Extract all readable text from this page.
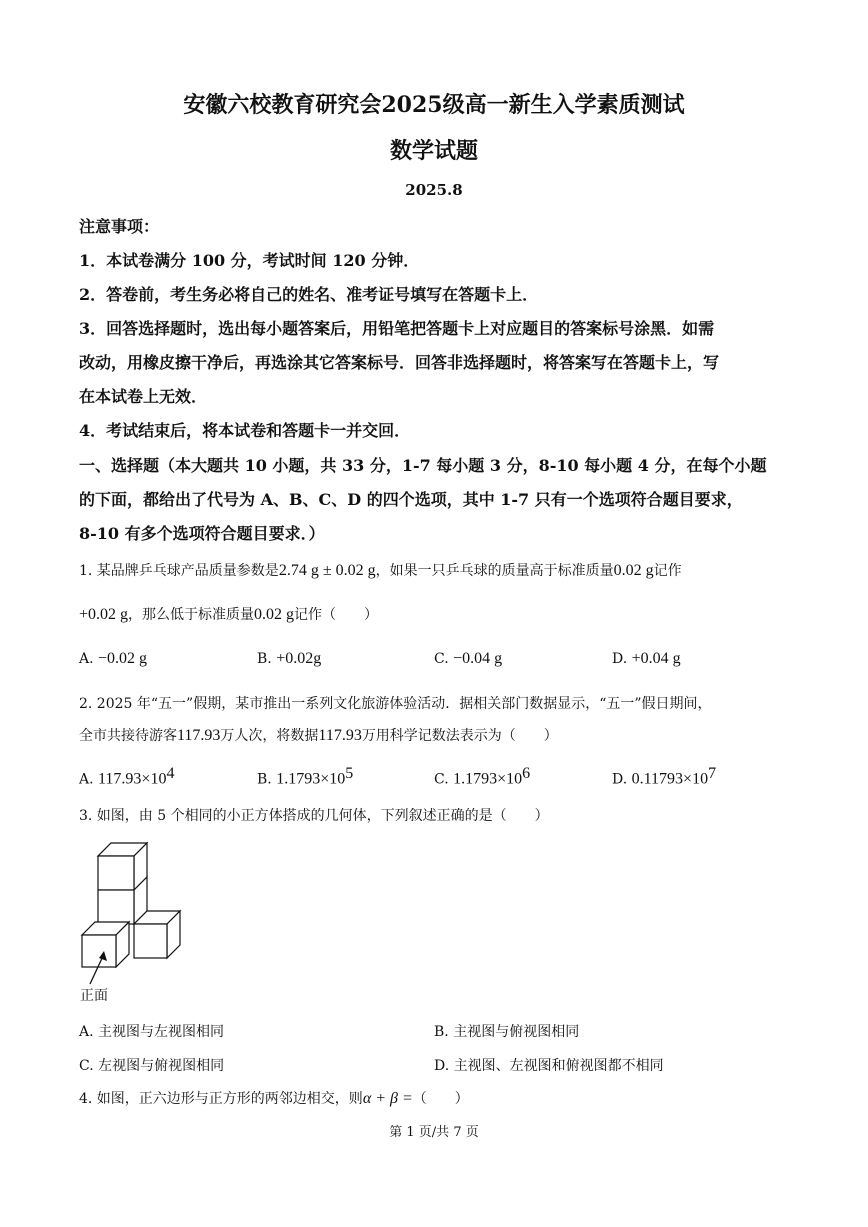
安徽六校教育研究会2025级高一新生入学素质测试
数学试题
2025.8
注意事项：
1．本试卷满分 100 分，考试时间 120 分钟．
2．答卷前，考生务必将自己的姓名、准考证号填写在答题卡上．
3．回答选择题时，选出每小题答案后，用铅笔把答题卡上对应题目的答案标号涂黑．如需
改动，用橡皮擦干净后，再选涂其它答案标号．回答非选择题时，将答案写在答题卡上，写
在本试卷上无效．
4．考试结束后，将本试卷和答题卡一并交回．
一、选择题（本大题共 10 小题，共 33 分，1-7 每小题 3 分，8-10 每小题 4 分，在每个小题
的下面，都给出了代号为 A、B、C、D 的四个选项，其中 1-7 只有一个选项符合题目要求，
8-10 有多个选项符合题目要求．）
1. 某品牌乒乓球产品质量参数是2.74 g ± 0.02 g，如果一只乒乓球的质量高于标准质量0.02 g记作
+0.02 g，那么低于标准质量0.02 g记作（　　）
A. −0.02 g	B. +0.02g	C. −0.04 g	D. +0.04 g
2. 2025 年“五一”假期，某市推出一系列文化旅游体验活动．据相关部门数据显示，“五一”假日期间，
全市共接待游客117.93万人次，将数据117.93万用科学记数法表示为（　　）
A. $117.93\times 10^4$	B. $1.1793\times 10^5$	C. $1.1793\times 10^6$	D. $0.11793\times 10^7$
3. 如图，由 5 个相同的小正方体搭成的几何体，下列叙述正确的是（　　）
正面
A. 主视图与左视图相同	B. 主视图与俯视图相同
C. 左视图与俯视图相同	D. 主视图、左视图和俯视图都不相同
4. 如图，正六边形与正方形的两邻边相交，则α + β =（　　）
第 1 页/共 7 页
